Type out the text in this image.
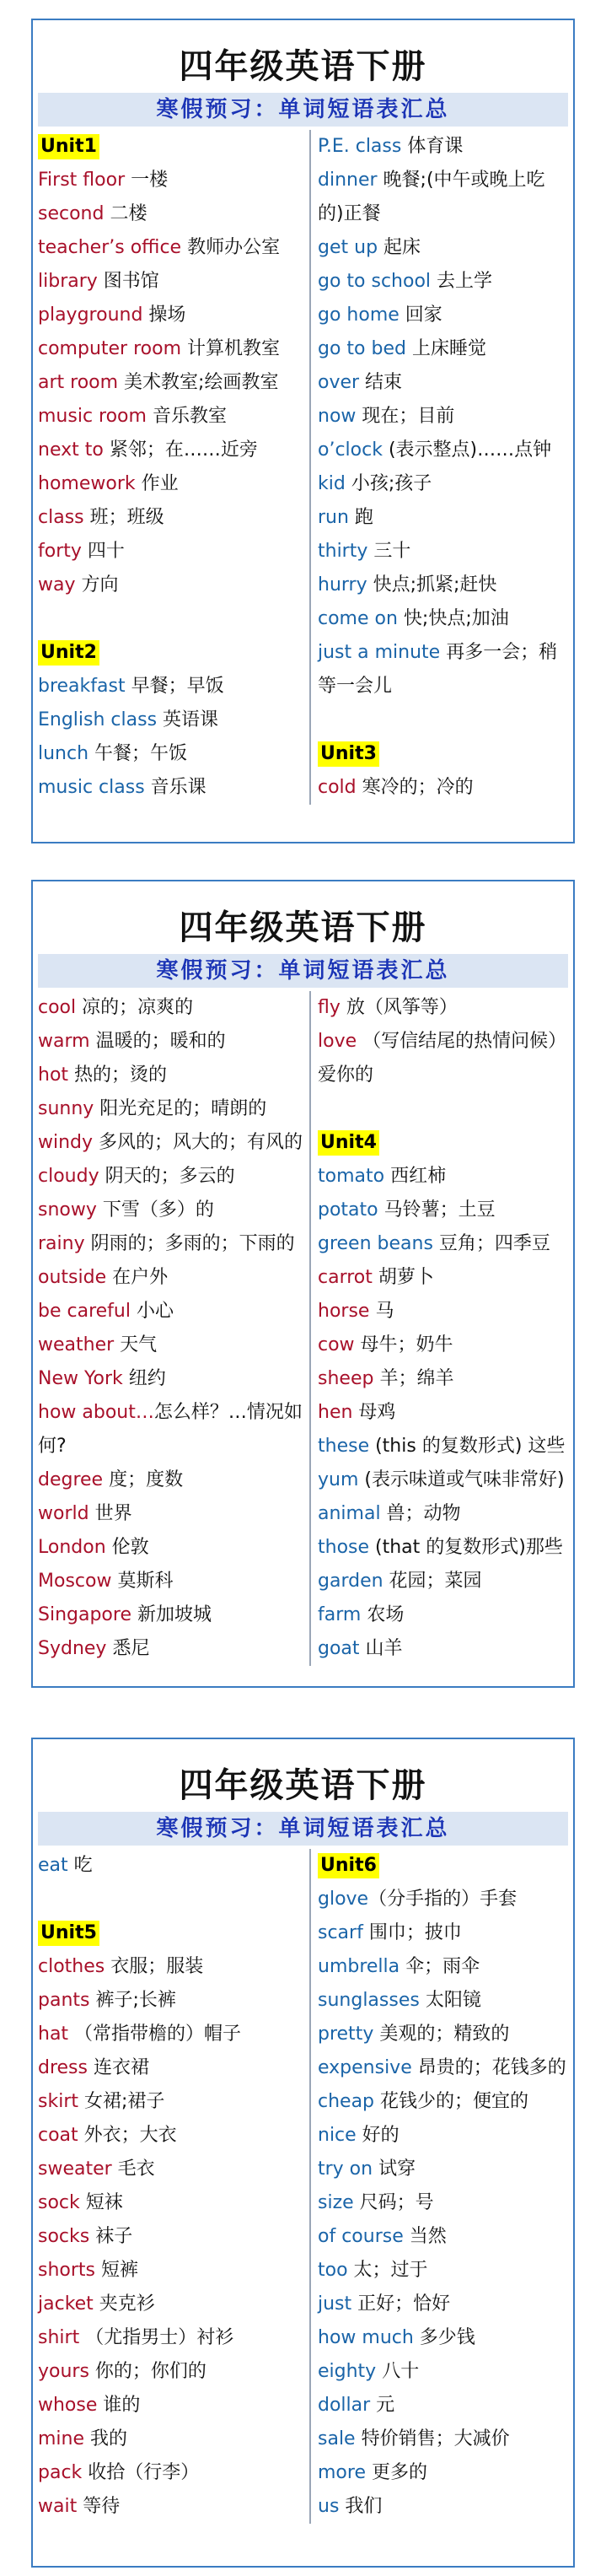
四年级英语下册
寒假预习：单词短语表汇总
Unit1
First floor 一楼
second 二楼
teacher’s office 教师办公室
library 图书馆
playground 操场
computer room 计算机教室
art room 美术教室;绘画教室
music room 音乐教室
next to 紧邻；在……近旁
homework 作业
class 班；班级
forty 四十
way 方向
Unit2
breakfast 早餐；早饭
English class 英语课
lunch 午餐；午饭
music class 音乐课
P.E. class 体育课
dinner 晚餐;(中午或晚上吃的)正餐
get up 起床
go to school 去上学
go home 回家
go to bed 上床睡觉
over 结束
now 现在；目前
o’clock (表示整点)……点钟
kid 小孩;孩子
run 跑
thirty 三十
hurry 快点;抓紧;赶快
come on 快;快点;加油
just a minute 再多一会；稍等一会儿
Unit3
cold 寒冷的；冷的
四年级英语下册
寒假预习：单词短语表汇总
cool 凉的；凉爽的
warm 温暖的；暖和的
hot 热的；烫的
sunny 阳光充足的；晴朗的
windy 多风的；风大的；有风的
cloudy 阴天的；多云的
snowy 下雪（多）的
rainy 阴雨的；多雨的；下雨的
outside 在户外
be careful 小心
weather 天气
New York 纽约
how about…怎么样？…情况如何?
degree 度；度数
world 世界
London 伦敦
Moscow 莫斯科
Singapore 新加坡城
Sydney 悉尼
fly 放（风筝等）
love （写信结尾的热情问候）爱你的
Unit4
tomato 西红柿
potato 马铃薯；土豆
green beans 豆角；四季豆
carrot 胡萝卜
horse 马
cow 母牛；奶牛
sheep 羊；绵羊
hen 母鸡
these (this 的复数形式) 这些
yum (表示味道或气味非常好)
animal 兽；动物
those (that 的复数形式)那些
garden 花园；菜园
farm 农场
goat 山羊
四年级英语下册
寒假预习：单词短语表汇总
eat 吃
Unit5
clothes 衣服；服装
pants 裤子;长裤
hat （常指带檐的）帽子
dress 连衣裙
skirt 女裙;裙子
coat 外衣；大衣
sweater 毛衣
sock 短袜
socks 袜子
shorts 短裤
jacket 夹克衫
shirt （尤指男士）衬衫
yours 你的；你们的
whose 谁的
mine 我的
pack 收拾（行李）
wait 等待
Unit6
glove（分手指的）手套
scarf 围巾；披巾
umbrella 伞；雨伞
sunglasses 太阳镜
pretty 美观的；精致的
expensive 昂贵的；花钱多的
cheap 花钱少的；便宜的
nice 好的
try on 试穿
size 尺码；号
of course 当然
too 太；过于
just 正好；恰好
how much 多少钱
eighty 八十
dollar 元
sale 特价销售；大减价
more 更多的
us 我们
